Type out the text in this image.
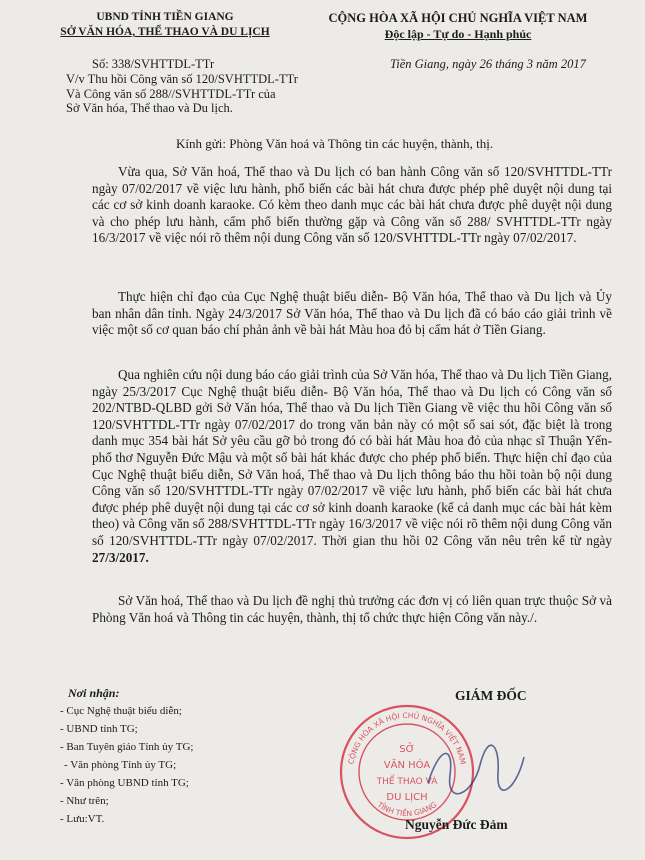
UBND TỈNH TIỀN GIANG
SỞ VĂN HÓA, THỂ THAO VÀ DU LỊCH
CỘNG HÒA XÃ HỘI CHỦ NGHĨA VIỆT NAM
Độc lập - Tự do - Hạnh phúc
Số: 338/SVHTTDL-TTr	Tiền Giang, ngày 26 tháng 3 năm 2017
V/v Thu hồi Công văn số 120/SVHTTDL-TTr
Và Công văn số 288//SVHTTDL-TTr của
Sở Văn hóa, Thể thao và Du lịch.
Kính gửi: Phòng Văn hoá và Thông tin các huyện, thành, thị.
Vừa qua, Sở Văn hoá, Thể thao và Du lịch có ban hành Công văn số 120/SVHTTDL-TTr ngày 07/02/2017 về việc lưu hành, phổ biến các bài hát chưa được phép phê duyệt nội dung tại các cơ sở kinh doanh karaoke. Có kèm theo danh mục các bài hát chưa được phê duyệt nội dung và cho phép lưu hành, cấm phổ biến thường gặp và Công văn số 288/ SVHTTDL-TTr ngày 16/3/2017 về việc nói rõ thêm nội dung Công văn số 120/SVHTTDL-TTr ngày 07/02/2017.
Thực hiện chỉ đạo của Cục Nghệ thuật biểu diễn- Bộ Văn hóa, Thể thao và Du lịch và Ủy ban nhân dân tỉnh. Ngày 24/3/2017 Sở Văn hóa, Thể thao và Du lịch đã có báo cáo giải trình về việc một số cơ quan báo chí phản ảnh về bài hát Màu hoa đỏ bị cấm hát ở Tiền Giang.
Qua nghiên cứu nội dung báo cáo giải trình của Sở Văn hóa, Thể thao và Du lịch Tiền Giang, ngày 25/3/2017 Cục Nghệ thuật biểu diễn- Bộ Văn hóa, Thể thao và Du lịch có Công văn số 202/NTBD-QLBD gởi Sở Văn hóa, Thể thao và Du lịch Tiền Giang về việc thu hồi Công văn số 120/SVHTTDL-TTr ngày 07/02/2017 do trong văn bản này có một số sai sót, đặc biệt là trong danh mục 354 bài hát Sở yêu cầu gỡ bỏ trong đó có bài hát Màu hoa đỏ của nhạc sĩ Thuận Yến- phổ thơ Nguyễn Đức Mậu và một số bài hát khác được cho phép phổ biến. Thực hiện chỉ đạo của Cục Nghệ thuật biểu diễn, Sở Văn hoá, Thể thao và Du lịch thông báo thu hồi toàn bộ nội dung Công văn số 120/SVHTTDL-TTr ngày 07/02/2017 về việc lưu hành, phổ biến các bài hát chưa được phép phê duyệt nội dung tại các cơ sở kinh doanh karaoke (kể cả danh mục các bài hát kèm theo) và Công văn số 288/SVHTTDL-TTr ngày 16/3/2017 về việc nói rõ thêm nội dung Công văn số 120/SVHTTDL-TTr ngày 07/02/2017. Thời gian thu hồi 02 Công văn nêu trên kể từ ngày 27/3/2017.
Sở Văn hoá, Thể thao và Du lịch đề nghị thủ trưởng các đơn vị có liên quan trực thuộc Sở và Phòng Văn hoá và Thông tin các huyện, thành, thị tổ chức thực hiện Công văn này./.
Nơi nhận:
- Cục Nghệ thuật biểu diễn;
- UBND tỉnh TG;
- Ban Tuyên giáo Tỉnh ủy TG;
- Văn phòng Tỉnh ủy TG;
- Văn phòng UBND tỉnh TG;
- Như trên;
- Lưu:VT.
GIÁM ĐỐC
CỘNG HÒA XÃ HỘI CHỦ NGHĨA VIỆT NAM
TỈNH TIỀN GIANG
SỞ
VĂN HÓA
THỂ THAO VÀ
DU LỊCH
Nguyễn Đức Đảm
